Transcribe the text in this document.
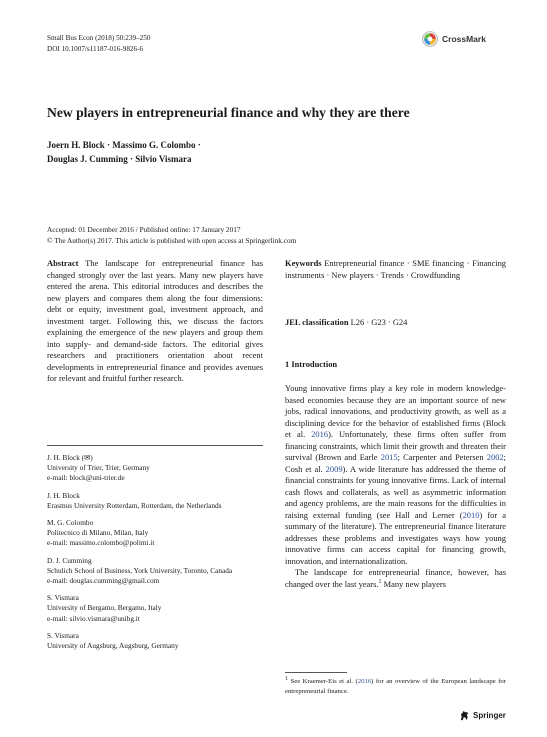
Small Bus Econ (2018) 50:239–250
DOI 10.1007/s11187-016-9826-6
CrossMark
New players in entrepreneurial finance and why they are there
Joern H. Block · Massimo G. Colombo ·
Douglas J. Cumming · Silvio Vismara
Accepted: 01 December 2016 / Published online: 17 January 2017
© The Author(s) 2017. This article is published with open access at Springerlink.com
Abstract The landscape for entrepreneurial finance has changed strongly over the last years. Many new players have entered the arena. This editorial introduces and describes the new players and compares them along the four dimensions: debt or equity, investment goal, investment approach, and investment target. Following this, we discuss the factors explaining the emergence of the new players and group them into supply- and demand-side factors. The editorial gives researchers and practitioners orientation about recent developments in entrepreneurial finance and provides avenues for relevant and fruitful further research.
Keywords Entrepreneurial finance · SME financing · Financing instruments · New players · Trends · Crowdfunding
JEL classification L26 · G23 · G24
1 Introduction

Young innovative firms play a key role in modern knowledge-based economies because they are an important source of new jobs, radical innovations, and productivity growth, as well as a disciplining device for the behavior of established firms (Block et al. 2016). Unfortunately, these firms often suffer from financing constraints, which limit their growth and threaten their survival (Brown and Earle 2015; Carpenter and Petersen 2002; Cosh et al. 2009). A wide literature has addressed the theme of financial constraints for young innovative firms. Lack of internal cash flows and collaterals, as well as asymmetric information and agency problems, are the main reasons for the difficulties in raising external funding (see Hall and Lerner (2010) for a summary of the literature). The entrepreneurial finance literature addresses these problems and investigates ways how young innovative firms can access capital for financing growth, innovation, and internationalization.

The landscape for entrepreneurial finance, however, has changed over the last years.$^1$ Many new players

J. H. Block (✉)
University of Trier, Trier, Germany
e-mail: block@uni-trier.de
J. H. Block
Erasmus University Rotterdam, Rotterdam, the Netherlands
M. G. Colombo
Politecnico di Milano, Milan, Italy
e-mail: massimo.colombo@polimi.it
D. J. Cumming
Schulich School of Business, York University, Toronto, Canada
e-mail: douglas.cumming@gmail.com
S. Vismara
University of Bergamo, Bergamo, Italy
e-mail: silvio.vismara@unibg.it
S. Vismara
University of Augsburg, Augsburg, Germany
$^1$ See Kraemer-Eis et al. (2016) for an overview of the European landscape for entrepreneurial finance.
Springer
